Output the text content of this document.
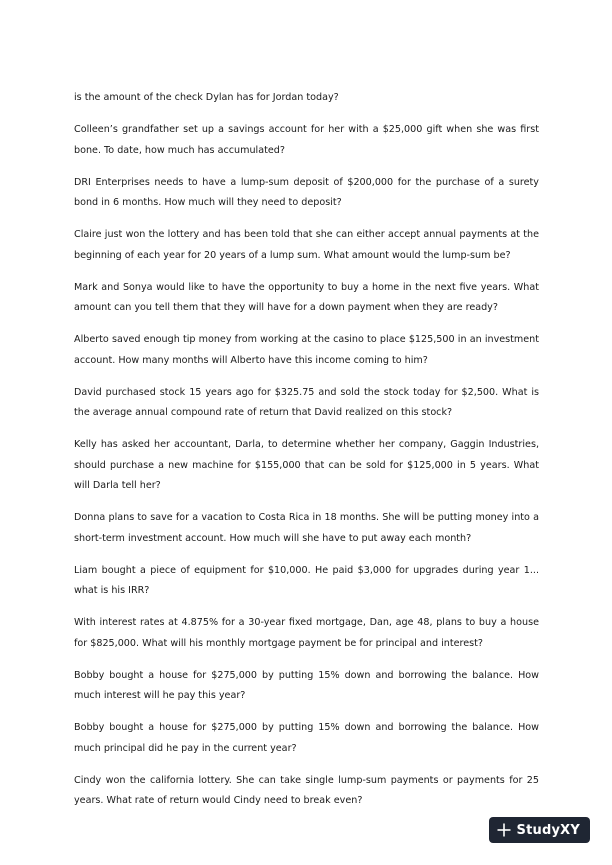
is the amount of the check Dylan has for Jordan today?

Colleen’s grandfather set up a savings account for her with a $25,000 gift when she was first bone. To date, how much has accumulated?

DRI Enterprises needs to have a lump-sum deposit of $200,000 for the purchase of a surety bond in 6 months. How much will they need to deposit?

Claire just won the lottery and has been told that she can either accept annual payments at the beginning of each year for 20 years of a lump sum. What amount would the lump-sum be?

Mark and Sonya would like to have the opportunity to buy a home in the next five years. What amount can you tell them that they will have for a down payment when they are ready?

Alberto saved enough tip money from working at the casino to place $125,500 in an investment account. How many months will Alberto have this income coming to him?

David purchased stock 15 years ago for $325.75 and sold the stock today for $2,500. What is the average annual compound rate of return that David realized on this stock?

Kelly has asked her accountant, Darla, to determine whether her company, Gaggin Industries, should purchase a new machine for $155,000 that can be sold for $125,000 in 5 years. What will Darla tell her?

Donna plans to save for a vacation to Costa Rica in 18 months. She will be putting money into a short-term investment account. How much will she have to put away each month?

Liam bought a piece of equipment for $10,000. He paid $3,000 for upgrades during year 1... what is his IRR?

With interest rates at 4.875% for a 30-year fixed mortgage, Dan, age 48, plans to buy a house for $825,000. What will his monthly mortgage payment be for principal and interest?

Bobby bought a house for $275,000 by putting 15% down and borrowing the balance. How much interest will he pay this year?

Bobby bought a house for $275,000 by putting 15% down and borrowing the balance. How much principal did he pay in the current year?

Cindy won the california lottery. She can take single lump-sum payments or payments for 25 years. What rate of return would Cindy need to break even?

StudyXY
